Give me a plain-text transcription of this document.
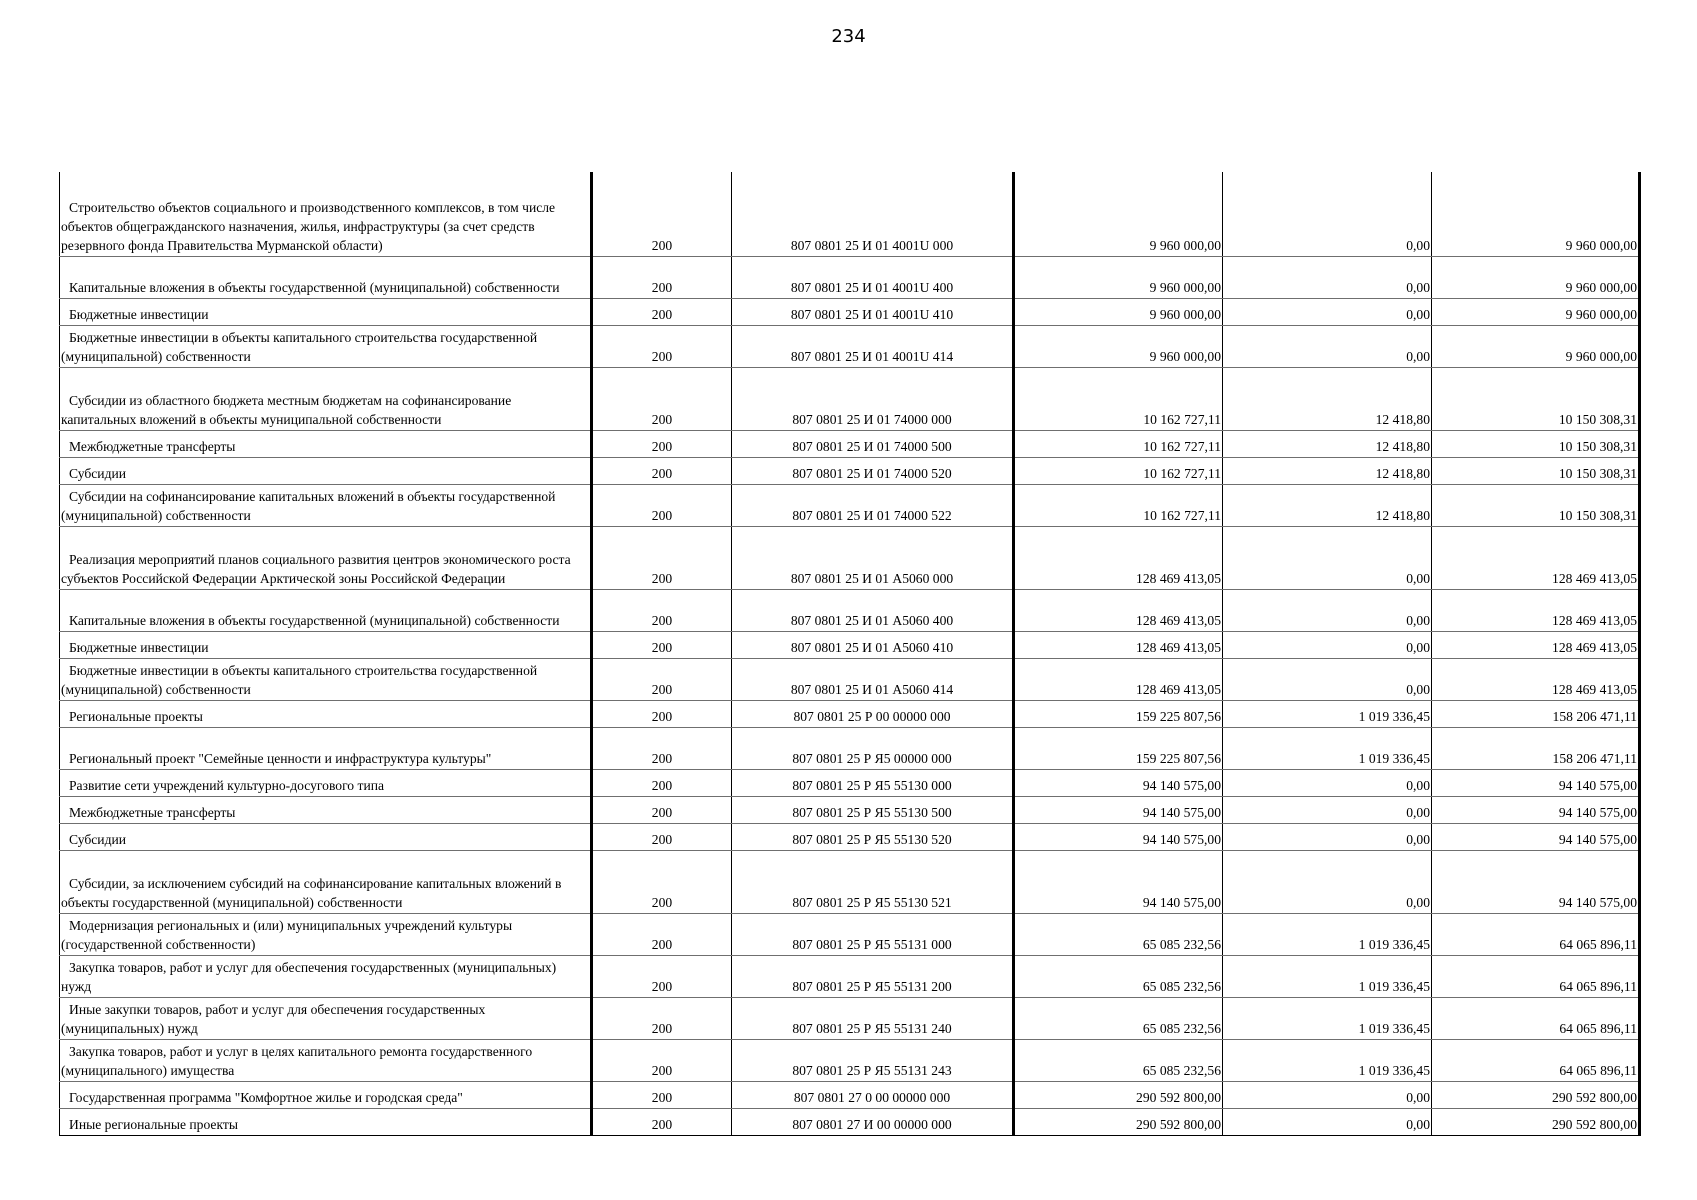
234
Строительство объектов социального и производственного комплексов, в том числе объектов общегражданского назначения, жилья, инфраструктуры (за счет средств резервного фонда Правительства Мурманской области)	200	807 0801 25 И 01 4001U 000	9 960 000,00	0,00	9 960 000,00
Капитальные вложения в объекты государственной (муниципальной) собственности	200	807 0801 25 И 01 4001U 400	9 960 000,00	0,00	9 960 000,00
Бюджетные инвестиции	200	807 0801 25 И 01 4001U 410	9 960 000,00	0,00	9 960 000,00
Бюджетные инвестиции в объекты капитального строительства государственной (муниципальной) собственности	200	807 0801 25 И 01 4001U 414	9 960 000,00	0,00	9 960 000,00
Субсидии из областного бюджета местным бюджетам на софинансирование капитальных вложений в объекты муниципальной собственности	200	807 0801 25 И 01 74000 000	10 162 727,11	12 418,80	10 150 308,31
Межбюджетные трансферты	200	807 0801 25 И 01 74000 500	10 162 727,11	12 418,80	10 150 308,31
Субсидии	200	807 0801 25 И 01 74000 520	10 162 727,11	12 418,80	10 150 308,31
Субсидии на софинансирование капитальных вложений в объекты государственной (муниципальной) собственности	200	807 0801 25 И 01 74000 522	10 162 727,11	12 418,80	10 150 308,31
Реализация мероприятий планов социального развития центров экономического роста субъектов Российской Федерации Арктической зоны Российской Федерации	200	807 0801 25 И 01 А5060 000	128 469 413,05	0,00	128 469 413,05
Капитальные вложения в объекты государственной (муниципальной) собственности	200	807 0801 25 И 01 А5060 400	128 469 413,05	0,00	128 469 413,05
Бюджетные инвестиции	200	807 0801 25 И 01 А5060 410	128 469 413,05	0,00	128 469 413,05
Бюджетные инвестиции в объекты капитального строительства государственной (муниципальной) собственности	200	807 0801 25 И 01 А5060 414	128 469 413,05	0,00	128 469 413,05
Региональные проекты	200	807 0801 25 Р 00 00000 000	159 225 807,56	1 019 336,45	158 206 471,11
Региональный проект "Семейные ценности и инфраструктура культуры"	200	807 0801 25 Р Я5 00000 000	159 225 807,56	1 019 336,45	158 206 471,11
Развитие сети учреждений культурно-досугового типа	200	807 0801 25 Р Я5 55130 000	94 140 575,00	0,00	94 140 575,00
Межбюджетные трансферты	200	807 0801 25 Р Я5 55130 500	94 140 575,00	0,00	94 140 575,00
Субсидии	200	807 0801 25 Р Я5 55130 520	94 140 575,00	0,00	94 140 575,00
Субсидии, за исключением субсидий на софинансирование капитальных вложений в объекты государственной (муниципальной) собственности	200	807 0801 25 Р Я5 55130 521	94 140 575,00	0,00	94 140 575,00
Модернизация региональных и (или) муниципальных учреждений культуры (государственной собственности)	200	807 0801 25 Р Я5 55131 000	65 085 232,56	1 019 336,45	64 065 896,11
Закупка товаров, работ и услуг для обеспечения государственных (муниципальных) нужд	200	807 0801 25 Р Я5 55131 200	65 085 232,56	1 019 336,45	64 065 896,11
Иные закупки товаров, работ и услуг для обеспечения государственных (муниципальных) нужд	200	807 0801 25 Р Я5 55131 240	65 085 232,56	1 019 336,45	64 065 896,11
Закупка товаров, работ и услуг в целях капитального ремонта государственного (муниципального) имущества	200	807 0801 25 Р Я5 55131 243	65 085 232,56	1 019 336,45	64 065 896,11
Государственная программа "Комфортное жилье и городская среда"	200	807 0801 27 0 00 00000 000	290 592 800,00	0,00	290 592 800,00
Иные региональные проекты	200	807 0801 27 И 00 00000 000	290 592 800,00	0,00	290 592 800,00
